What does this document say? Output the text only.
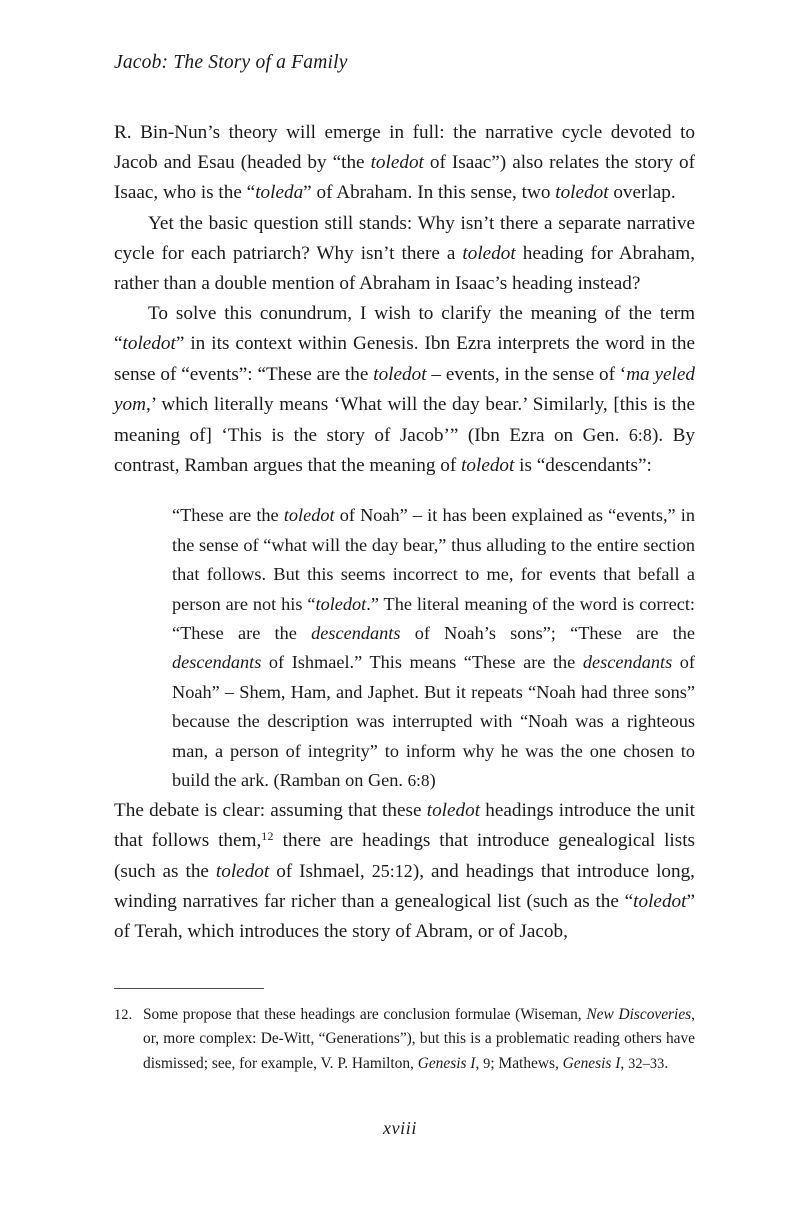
Jacob: The Story of a Family

R. Bin-Nun’s theory will emerge in full: the narrative cycle devoted to Jacob and Esau (headed by “the toledot of Isaac”) also relates the story of Isaac, who is the “toleda” of Abraham. In this sense, two toledot overlap.

Yet the basic question still stands: Why isn’t there a separate narrative cycle for each patriarch? Why isn’t there a toledot heading for Abraham, rather than a double mention of Abraham in Isaac’s heading instead?

To solve this conundrum, I wish to clarify the meaning of the term “toledot” in its context within Genesis. Ibn Ezra interprets the word in the sense of “events”: “These are the toledot – events, in the sense of ‘ma yeled yom,’ which literally means ‘What will the day bear.’ Similarly, [this is the meaning of] ‘This is the story of Jacob’” (Ibn Ezra on Gen. 6:8). By contrast, Ramban argues that the meaning of toledot is “descendants”:

“These are the toledot of Noah” – it has been explained as “events,” in the sense of “what will the day bear,” thus alluding to the entire section that follows. But this seems incorrect to me, for events that befall a person are not his “toledot.” The literal meaning of the word is correct: “These are the descendants of Noah’s sons”; “These are the descendants of Ishmael.” This means “These are the descendants of Noah” – Shem, Ham, and Japhet. But it repeats “Noah had three sons” because the description was interrupted with “Noah was a righteous man, a person of integrity” to inform why he was the one chosen to build the ark. (Ramban on Gen. 6:8)

The debate is clear: assuming that these toledot headings introduce the unit that follows them,$^{12}$ there are headings that introduce genealogical lists (such as the toledot of Ishmael, 25:12), and headings that introduce long, winding narratives far richer than a genealogical list (such as the “toledot” of Terah, which introduces the story of Abram, or of Jacob,

12. Some propose that these headings are conclusion formulae (Wiseman, New Discoveries, or, more complex: De-Witt, “Generations”), but this is a problematic reading others have dismissed; see, for example, V. P. Hamilton, Genesis I, 9; Mathews, Genesis I, 32–33.
xviii
